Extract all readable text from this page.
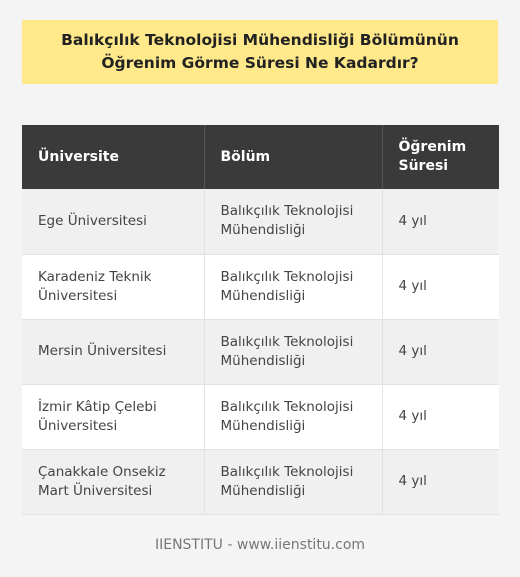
Balıkçılık Teknolojisi Mühendisliği Bölümünün Öğrenim Görme Süresi Ne Kadardır?
Üniversite	Bölüm	Öğrenim Süresi
Ege Üniversitesi	Balıkçılık Teknolojisi Mühendisliği	4 yıl
Karadeniz Teknik Üniversitesi	Balıkçılık Teknolojisi Mühendisliği	4 yıl
Mersin Üniversitesi	Balıkçılık Teknolojisi Mühendisliği	4 yıl
İzmir Kâtip Çelebi Üniversitesi	Balıkçılık Teknolojisi Mühendisliği	4 yıl
Çanakkale Onsekiz Mart Üniversitesi	Balıkçılık Teknolojisi Mühendisliği	4 yıl
IIENSTITU - www.iienstitu.com
